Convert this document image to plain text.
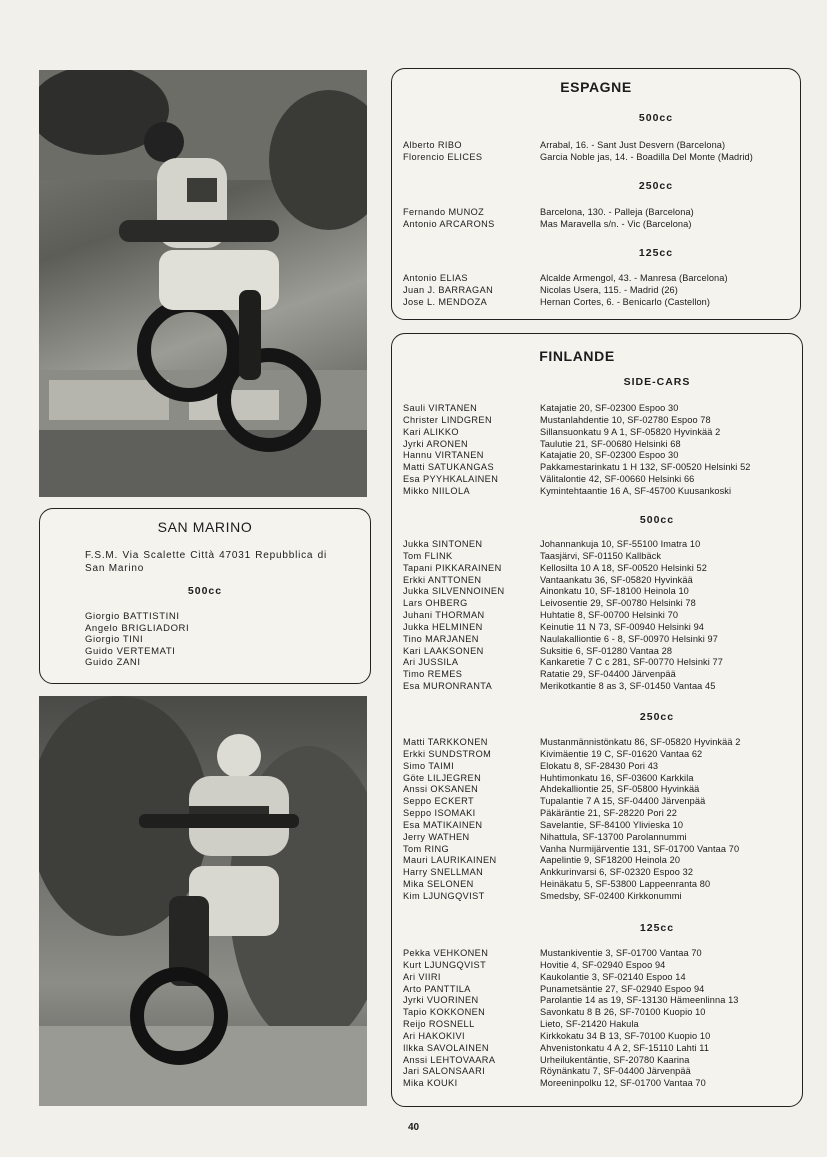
ESPAGNE
500cc
Alberto RIBO	Arrabal, 16. - Sant Just Desvern (Barcelona)
Florencio ELICES	Garcia Noble jas, 14. - Boadilla Del Monte (Madrid)
250cc
Fernando MUNOZ	Barcelona, 130. - Palleja (Barcelona)
Antonio ARCARONS	Mas Maravella s/n. - Vic (Barcelona)
125cc
Antonio ELIAS	Alcalde Armengol, 43. - Manresa (Barcelona)
Juan J. BARRAGAN	Nicolas Usera, 115. - Madrid (26)
Jose L. MENDOZA	Hernan Cortes, 6. - Benicarlo (Castellon)
SAN MARINO
F.S.M. Via Scalette Città 47031 Repubblica di San Marino
500cc
Giorgio BATTISTINI
Angelo BRIGLIADORI
Giorgio TINI
Guido VERTEMATI
Guido ZANI
FINLANDE
SIDE-CARS
Sauli VIRTANEN	Katajatie 20, SF-02300 Espoo 30
Christer LINDGREN	Mustanlahdentie 10, SF-02780 Espoo 78
Kari ALIKKO	Sillansuonkatu 9 A 1, SF-05820 Hyvinkää 2
Jyrki ARONEN	Taulutie 21, SF-00680 Helsinki 68
Hannu VIRTANEN	Katajatie 20, SF-02300 Espoo 30
Matti SATUKANGAS	Pakkamestarinkatu 1 H 132, SF-00520 Helsinki 52
Esa PYYHKALAINEN	Välitalontie 42, SF-00660 Helsinki 66
Mikko NIILOLA	Kymintehtaantie 16 A, SF-45700 Kuusankoski
500cc
Jukka SINTONEN	Johannankuja 10, SF-55100 Imatra 10
Tom FLINK	Taasjärvi, SF-01150 Kallbäck
Tapani PIKKARAINEN	Kellosilta 10 A 18, SF-00520 Helsinki 52
Erkki ANTTONEN	Vantaankatu 36, SF-05820 Hyvinkää
Jukka SILVENNOINEN	Ainonkatu 10, SF-18100 Heinola 10
Lars OHBERG	Leivosentie 29, SF-00780 Helsinki 78
Juhani THORMAN	Huhtatie 8, SF-00700 Helsinki 70
Jukka HELMINEN	Keinutie 11 N 73, SF-00940 Helsinki 94
Tino MARJANEN	Naulakalliontie 6 - 8, SF-00970 Helsinki 97
Kari LAAKSONEN	Suksitie 6, SF-01280 Vantaa 28
Ari JUSSILA	Kankaretie 7 C c 281, SF-00770 Helsinki 77
Timo REMES	Ratatie 29, SF-04400 Järvenpää
Esa MURONRANTA	Merikotkantie 8 as 3, SF-01450 Vantaa 45
250cc
Matti TARKKONEN	Mustanmännistönkatu 86, SF-05820 Hyvinkää 2
Erkki SUNDSTROM	Kivimäentie 19 C, SF-01620 Vantaa 62
Simo TAIMI	Elokatu 8, SF-28430 Pori 43
Göte LILJEGREN	Huhtimonkatu 16, SF-03600 Karkkila
Anssi OKSANEN	Ahdekalliontie 25, SF-05800 Hyvinkää
Seppo ECKERT	Tupalantie 7 A 15, SF-04400 Järvenpää
Seppo ISOMAKI	Päkäräntie 21, SF-28220 Pori 22
Esa MATIKAINEN	Savelantie, SF-84100 Ylivieska 10
Jerry WATHEN	Nihattula, SF-13700 Parolannummi
Tom RING	Vanha Nurmijärventie 131, SF-01700 Vantaa 70
Mauri LAURIKAINEN	Aapelintie 9, SF18200 Heinola 20
Harry SNELLMAN	Ankkurinvarsi 6, SF-02320 Espoo 32
Mika SELONEN	Heinäkatu 5, SF-53800 Lappeenranta 80
Kim LJUNGQVIST	Smedsby, SF-02400 Kirkkonummi
125cc
Pekka VEHKONEN	Mustankiventie 3, SF-01700 Vantaa 70
Kurt LJUNGQVIST	Hovitie 4, SF-02940 Espoo 94
Ari VIIRI	Kaukolantie 3, SF-02140 Espoo 14
Arto PANTTILA	Punametsäntie 27, SF-02940 Espoo 94
Jyrki VUORINEN	Parolantie 14 as 19, SF-13130 Hämeenlinna 13
Tapio KOKKONEN	Savonkatu 8 B 26, SF-70100 Kuopio 10
Reijo ROSNELL	Lieto, SF-21420 Hakula
Ari HAKOKIVI	Kirkkokatu 34 B 13, SF-70100 Kuopio 10
Ilkka SAVOLAINEN	Ahvenistonkatu 4 A 2, SF-15110 Lahti 11
Anssi LEHTOVAARA	Urheilukentäntie, SF-20780 Kaarina
Jari SALONSAARI	Röynänkatu 7, SF-04400 Järvenpää
Mika KOUKI	Moreeninpolku 12, SF-01700 Vantaa 70
40
